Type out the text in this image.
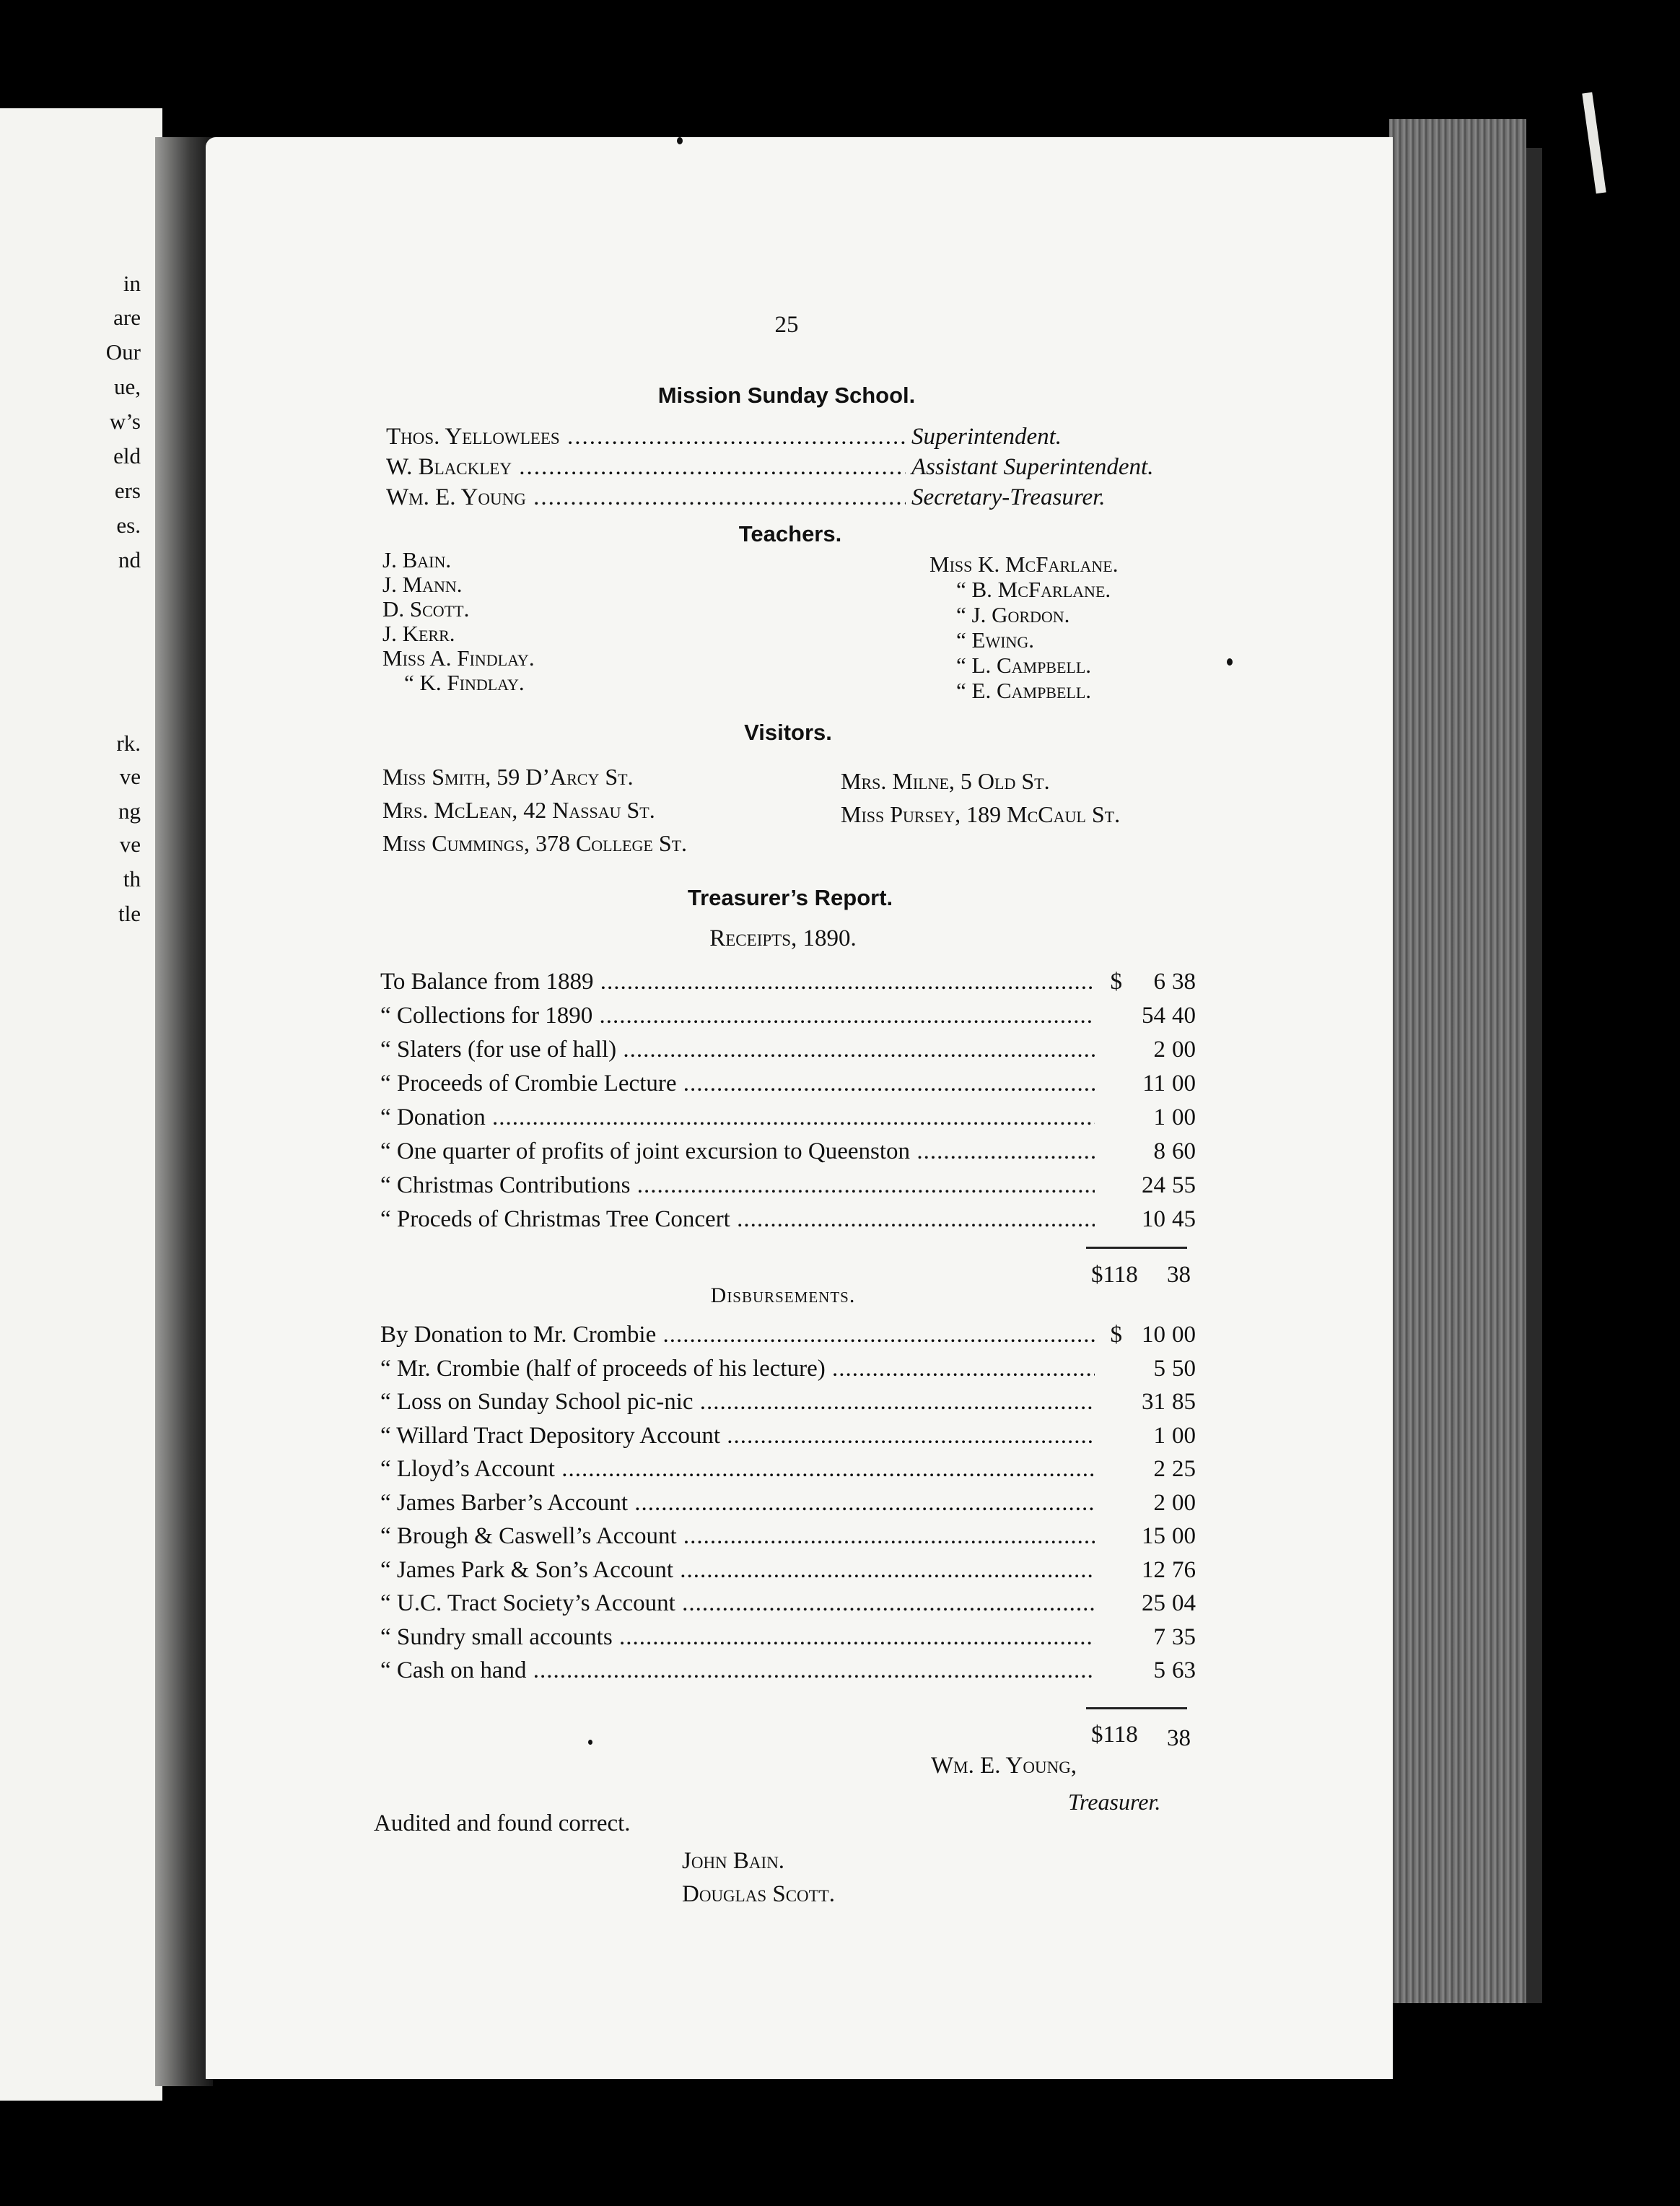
in
are
Our
ue,
w’s
eld
ers
es.
nd
rk.
ve
ng
ve
th
tle
25
Mission Sunday School.
Thos. Yellowlees .....	Superintendent.
W. Blackley .....	Assistant Superintendent.
Wm. E. Young .....	Secretary-Treasurer.
Teachers.
J. Bain.
J. Mann.
D. Scott.
J. Kerr.
Miss A. Findlay.
“ K. Findlay.
Miss K. McFarlane.
“ B. McFarlane.
“ J. Gordon.
“ Ewing.
“ L. Campbell.
“ E. Campbell.
Visitors.
Miss Smith, 59 D’Arcy St.
Mrs. McLean, 42 Nassau St.
Miss Cummings, 378 College St.
Mrs. Milne, 5 Old St.
Miss Pursey, 189 McCaul St.
Treasurer’s Report.
Receipts, 1890.
To Balance from 1889 .....	$	6 38
“ Collections for 1890 .....	54 40
“ Slaters (for use of hall) .....	2 00
“ Proceeds of Crombie Lecture .....	11 00
“ Donation .....	1 00
“ One quarter of profits of joint excursion to Queenston .....	8 60
“ Christmas Contributions .....	24 55
“ Proceds of Christmas Tree Concert .....	10 45
$118 38
Disbursements.
By Donation to Mr. Crombie .....	$ 10 00
“ Mr. Crombie (half of proceeds of his lecture) .....	5 50
“ Loss on Sunday School pic-nic .....	31 85
“ Willard Tract Depository Account .....	1 00
“ Lloyd’s Account .....	2 25
“ James Barber’s Account .....	2 00
“ Brough & Caswell’s Account .....	15 00
“ James Park & Son’s Account .....	12 76
“ U.C. Tract Society’s Account .....	25 04
“ Sundry small accounts .....	7 35
“ Cash on hand .....	5 63
$118 38
Wm. E. Young,
Treasurer.
Audited and found correct.
John Bain.
Douglas Scott.
